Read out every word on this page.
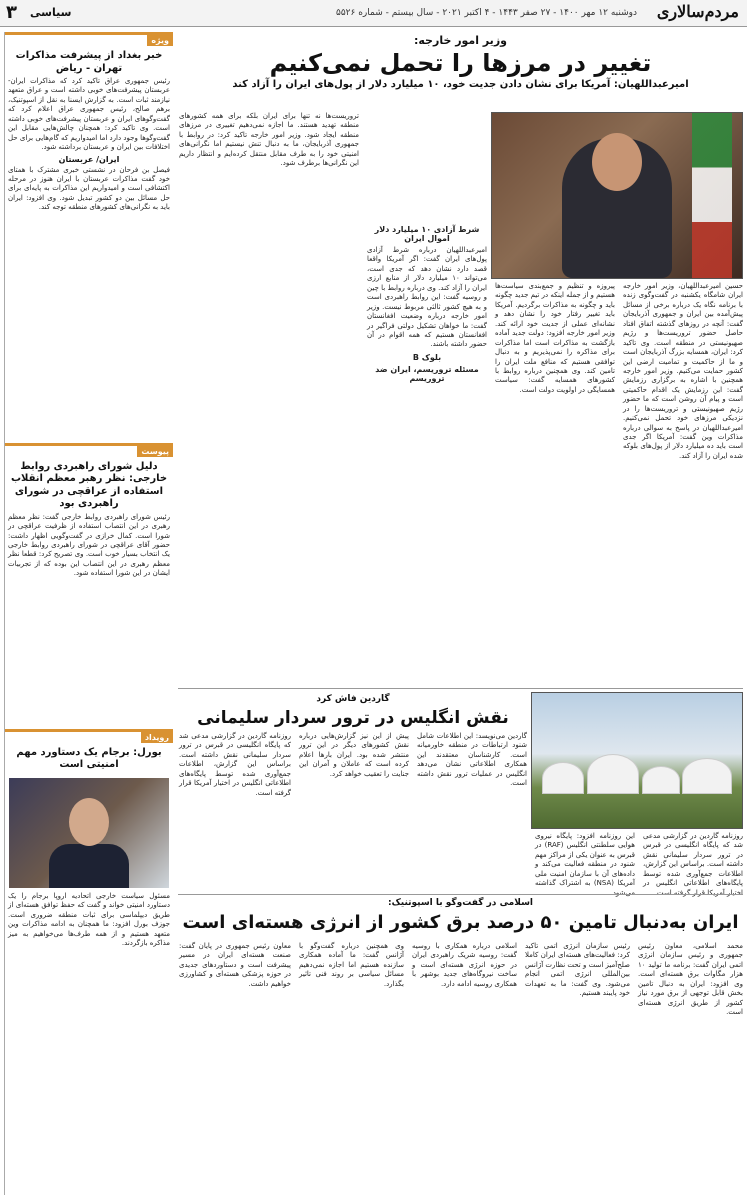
مردم‌سالاری
دوشنبه ۱۲ مهر ۱۴۰۰ - ۲۷ صفر ۱۴۴۳ - ۴ اکتبر ۲۰۲۱ - سال بیستم - شماره ۵۵۲۶
سیاسی
۳
ویژه
خبر بغداد از پیشرفت مذاکرات تهران - ریاض
رئیس جمهوری عراق تاکید کرد که مذاکرات ایران- عربستان پیشرفت‌های خوبی داشته است و عراق متعهد نیازمند ثبات است. به گزارش ایسنا به نقل از اسپوتنیک، برهم صالح، رئیس جمهوری عراق اعلام کرد که گفت‌وگوهای ایران و عربستان پیشرفت‌های خوبی داشته است. وی تاکید کرد: همچنان چالش‌هایی مقابل این گفت‌وگوها وجود دارد اما امیدواریم که گام‌هایی برای حل اختلافات بین ایران و عربستان برداشته شود.
ایران/ عربستان
فیصل بن فرحان در نشستی خبری مشترک با همتای خود گفت مذاکرات عربستان با ایران هنوز در مرحله اکتشافی است و امیدواریم این مذاکرات به پایه‌ای برای حل مسائل بین دو کشور تبدیل شود. وی افزود: ایران باید به نگرانی‌های کشورهای منطقه توجه کند.
پیوست
دلیل شورای راهبردی روابط خارجی: نظر رهبر معظم انقلاب استفاده از عراقچی در شورای راهبردی بود
رئیس شورای راهبردی روابط خارجی گفت: نظر معظم رهبری در این انتصاب استفاده از ظرفیت عراقچی در شورا است. کمال خرازی در گفت‌وگویی اظهار داشت: حضور آقای عراقچی در شورای راهبردی روابط خارجی یک انتخاب بسیار خوب است. وی تصریح کرد: قطعا نظر معظم رهبری در این انتصاب این بوده که از تجربیات ایشان در این شورا استفاده شود.
رویداد
بورل: برجام یک دستاورد مهم امنیتی است
مسئول سیاست خارجی اتحادیه اروپا برجام را یک دستاورد امنیتی خواند و گفت که حفظ توافق هسته‌ای از طریق دیپلماسی برای ثبات منطقه ضروری است. جوزف بورل افزود: ما همچنان به ادامه مذاکرات وین متعهد هستیم و از همه طرف‌ها می‌خواهیم به میز مذاکره بازگردند.
وزیر امور خارجه:
تغییر در مرزها را تحمل نمی‌کنیم
امیرعبداللهیان: آمریکا برای نشان دادن جدیت خود، ۱۰ میلیارد دلار از پول‌های ایران را آزاد کند

حسین امیرعبداللهیان، وزیر امور خارجه ایران شامگاه یکشنبه در گفت‌وگوی زنده با برنامه نگاه یک درباره برخی از مسائل پیش‌آمده بین ایران و جمهوری آذربایجان گفت: آنچه در روزهای گذشته اتفاق افتاد حاصل حضور تروریست‌ها و رژیم صهیونیستی در منطقه است. وی تاکید کرد: ایران، همسایه بزرگ آذربایجان است و ما از حاکمیت و تمامیت ارضی این کشور حمایت می‌کنیم. وزیر امور خارجه همچنین با اشاره به برگزاری رزمایش گفت: این رزمایش یک اقدام حاکمیتی است و پیام آن روشن است که ما حضور رژیم صهیونیستی و تروریست‌ها را در نزدیکی مرزهای خود تحمل نمی‌کنیم. امیرعبداللهیان در پاسخ به سوالی درباره مذاکرات وین گفت: آمریکا اگر جدی است باید ده میلیارد دلار از پول‌های بلوکه شده ایران را آزاد کند.

پیروزه و تنظیم و جمع‌بندی سیاست‌ها هستیم و از جمله اینکه در تیم جدید چگونه باید و چگونه به مذاکرات برگردیم. آمریکا باید تغییر رفتار خود را نشان دهد و نشانه‌ای عملی از جدیت خود ارائه کند. وزیر امور خارجه افزود: دولت جدید آماده بازگشت به مذاکرات است اما مذاکرات برای مذاکره را نمی‌پذیریم و به دنبال توافقی هستیم که منافع ملت ایران را تامین کند. وی همچنین درباره روابط با کشورهای همسایه گفت: سیاست همسایگی در اولویت دولت است.

شرط آزادی ۱۰ میلیارد دلار اموال ایران

امیرعبداللهیان درباره شرط آزادی پول‌های ایران گفت: اگر آمریکا واقعا قصد دارد نشان دهد که جدی است، می‌تواند ۱۰ میلیارد دلار از منابع ارزی ایران را آزاد کند. وی درباره روابط با چین و روسیه گفت: این روابط راهبردی است و به هیچ کشور ثالثی مربوط نیست. وزیر امور خارجه درباره وضعیت افغانستان گفت: ما خواهان تشکیل دولتی فراگیر در افغانستان هستیم که همه اقوام در آن حضور داشته باشند.

بلوک B
مسئله تروریسم، ایران ضد تروریسم

تروریست‌ها نه تنها برای ایران بلکه برای همه کشورهای منطقه تهدید هستند. ما اجازه نمی‌دهیم تغییری در مرزهای منطقه ایجاد شود. وزیر امور خارجه تاکید کرد: در روابط با جمهوری آذربایجان، ما به دنبال تنش نیستیم اما نگرانی‌های امنیتی خود را به طرف مقابل منتقل کرده‌ایم و انتظار داریم این نگرانی‌ها برطرف شود.

گاردین فاش کرد
نقش انگلیس در ترور سردار سلیمانی

روزنامه گاردین در گزارشی مدعی شد که پایگاه انگلیسی در قبرس در ترور سردار سلیمانی نقش داشته است. براساس این گزارش، اطلاعات جمع‌آوری شده توسط پایگاه‌های اطلاعاتی انگلیس در اختیار آمریکا قرار گرفته است.

این روزنامه افزود: پایگاه نیروی هوایی سلطنتی انگلیس (RAF) در قبرس به عنوان یکی از مراکز مهم شنود در منطقه فعالیت می‌کند و داده‌های آن با سازمان امنیت ملی آمریکا (NSA) به اشتراک گذاشته می‌شود.

گاردین می‌نویسد: این اطلاعات شامل شنود ارتباطات در منطقه خاورمیانه است. کارشناسان معتقدند این همکاری اطلاعاتی نشان می‌دهد انگلیس در عملیات ترور نقش داشته است.

پیش از این نیز گزارش‌هایی درباره نقش کشورهای دیگر در این ترور منتشر شده بود. ایران بارها اعلام کرده است که عاملان و آمران این جنایت را تعقیب خواهد کرد.

روزنامه گاردین در گزارشی مدعی شد که پایگاه انگلیسی در قبرس در ترور سردار سلیمانی نقش داشته است. براساس این گزارش، اطلاعات جمع‌آوری شده توسط پایگاه‌های اطلاعاتی انگلیس در اختیار آمریکا قرار گرفته است.

اسلامی در گفت‌وگو با اسپوتنیک:
ایران به‌دنبال تامین ۵۰ درصد برق کشور از انرژی هسته‌ای است

محمد اسلامی، معاون رئیس جمهوری و رئیس سازمان انرژی اتمی ایران گفت: برنامه ما تولید ۱۰ هزار مگاوات برق هسته‌ای است. وی افزود: ایران به دنبال تامین بخش قابل توجهی از برق مورد نیاز کشور از طریق انرژی هسته‌ای است.

رئیس سازمان انرژی اتمی تاکید کرد: فعالیت‌های هسته‌ای ایران کاملا صلح‌آمیز است و تحت نظارت آژانس بین‌المللی انرژی اتمی انجام می‌شود. وی گفت: ما به تعهدات خود پایبند هستیم.

اسلامی درباره همکاری با روسیه گفت: روسیه شریک راهبردی ایران در حوزه انرژی هسته‌ای است و ساخت نیروگاه‌های جدید بوشهر با همکاری روسیه ادامه دارد.

وی همچنین درباره گفت‌وگو با آژانس گفت: ما آماده همکاری سازنده هستیم اما اجازه نمی‌دهیم مسائل سیاسی بر روند فنی تاثیر بگذارد.

معاون رئیس جمهوری در پایان گفت: صنعت هسته‌ای ایران در مسیر پیشرفت است و دستاوردهای جدیدی در حوزه پزشکی هسته‌ای و کشاورزی خواهیم داشت.
